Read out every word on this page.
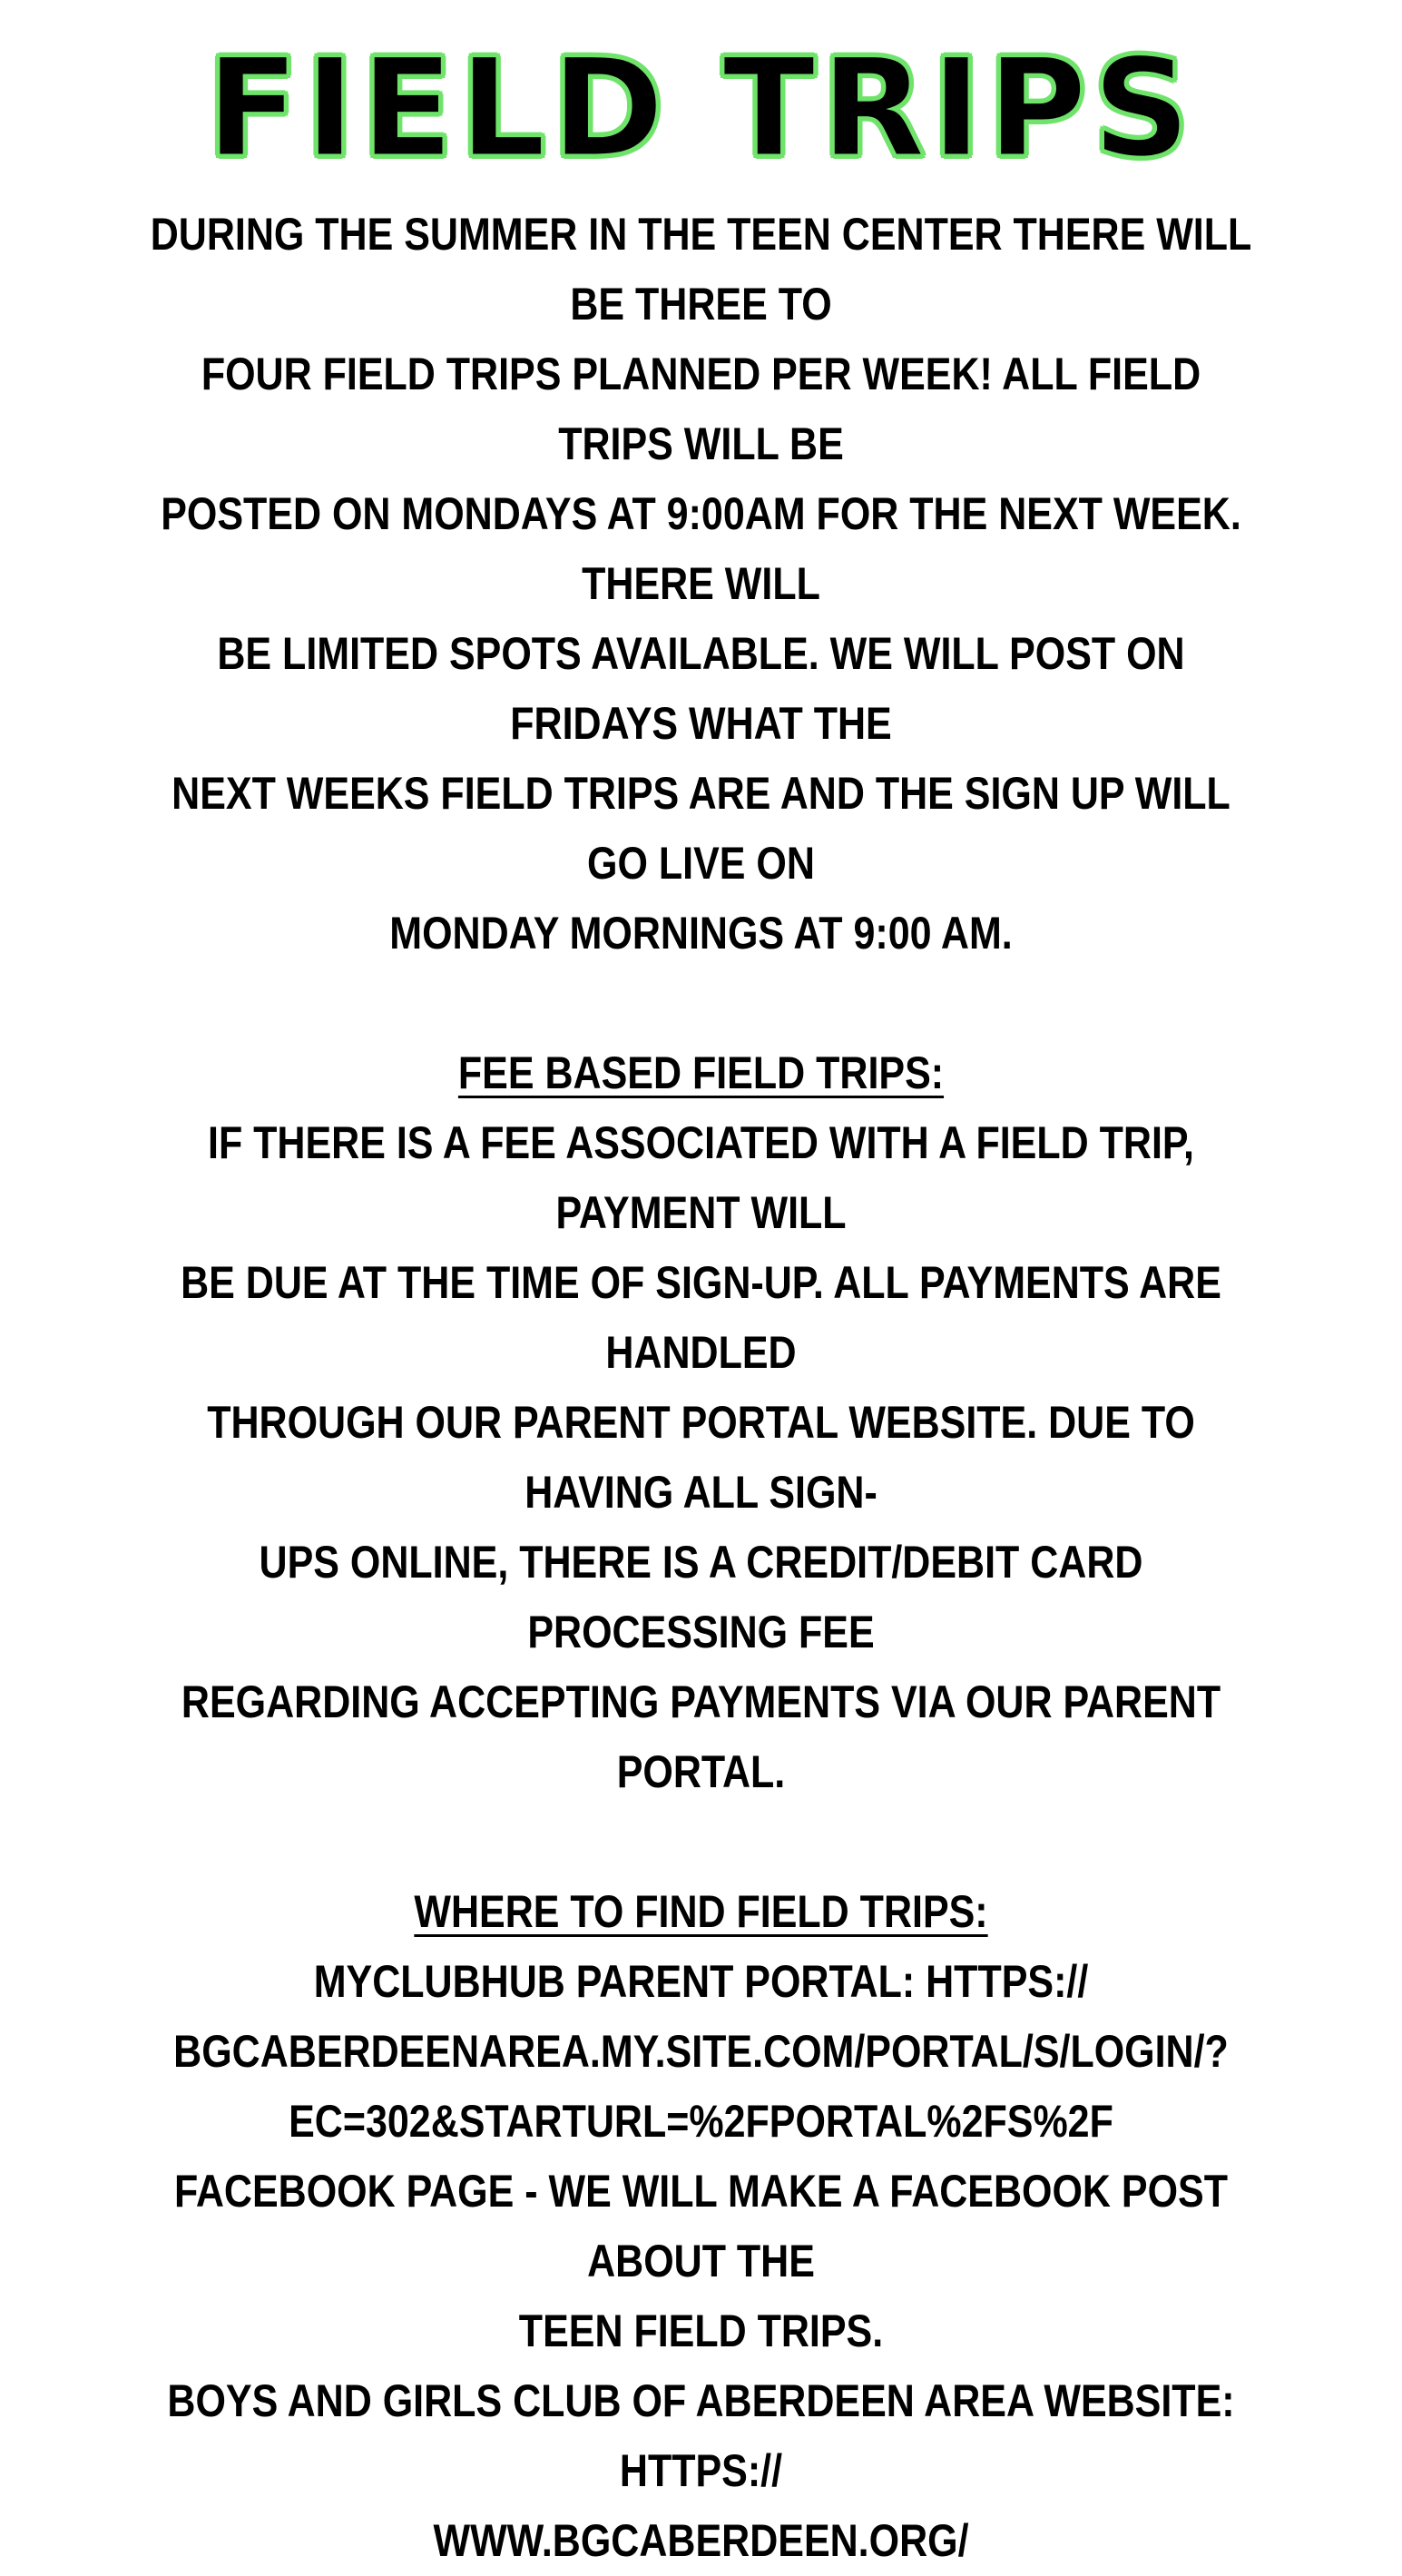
FIELD TRIPS

DURING THE SUMMER IN THE TEEN CENTER THERE WILL BE THREE TO
FOUR FIELD TRIPS PLANNED PER WEEK! ALL FIELD TRIPS WILL BE
POSTED ON MONDAYS AT 9:00AM FOR THE NEXT WEEK. THERE WILL
BE LIMITED SPOTS AVAILABLE. WE WILL POST ON FRIDAYS WHAT THE
NEXT WEEKS FIELD TRIPS ARE AND THE SIGN UP WILL GO LIVE ON
MONDAY MORNINGS AT 9:00 AM.

FEE BASED FIELD TRIPS:

IF THERE IS A FEE ASSOCIATED WITH A FIELD TRIP, PAYMENT WILL
BE DUE AT THE TIME OF SIGN-UP. ALL PAYMENTS ARE HANDLED
THROUGH OUR PARENT PORTAL WEBSITE. DUE TO HAVING ALL SIGN-
UPS ONLINE, THERE IS A CREDIT/DEBIT CARD PROCESSING FEE
REGARDING ACCEPTING PAYMENTS VIA OUR PARENT PORTAL.

WHERE TO FIND FIELD TRIPS:

MYCLUBHUB PARENT PORTAL: HTTPS://
BGCABERDEENAREA.MY.SITE.COM/PORTAL/S/LOGIN/?
EC=302&STARTURL=%2FPORTAL%2FS%2F
FACEBOOK PAGE - WE WILL MAKE A FACEBOOK POST ABOUT THE
TEEN FIELD TRIPS.
BOYS AND GIRLS CLUB OF ABERDEEN AREA WEBSITE: HTTPS://
WWW.BGCABERDEEN.ORG/
